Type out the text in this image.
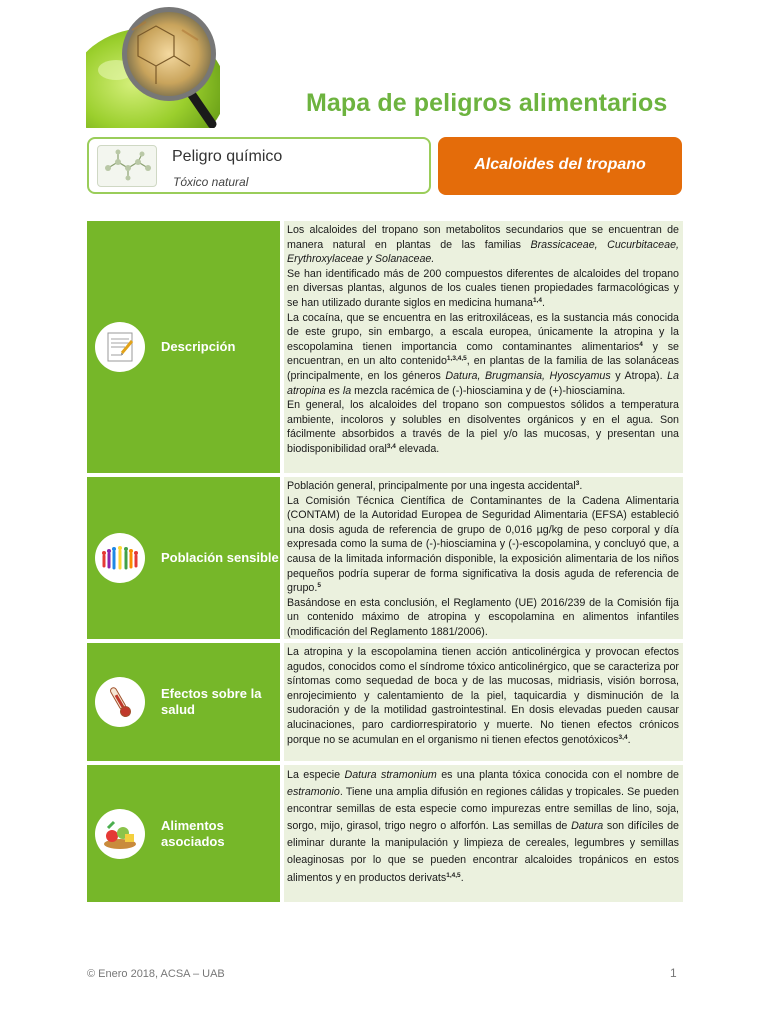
Mapa de peligros alimentarios
Peligro químico
Tóxico natural
Alcaloides del tropano
Descripción

Los alcaloides del tropano son metabolitos secundarios que se encuentran de manera natural en plantas de las familias Brassicaceae, Cucurbitaceae, Erythroxylaceae y Solanaceae.

Se han identificado más de 200 compuestos diferentes de alcaloides del tropano en diversas plantas, algunos de los cuales tienen propiedades farmacológicas y se han utilizado durante siglos en medicina humana$^{1,4}$.

La cocaína, que se encuentra en las eritroxiláceas, es la sustancia más conocida de este grupo, sin embargo, a escala europea, únicamente la atropina y la escopolamina tienen importancia como contaminantes alimentarios$^4$ y se encuentran, en un alto contenido$^{1,3,4,5}$, en plantas de la familia de las solanáceas (principalmente, en los géneros Datura, Brugmansia, Hyoscyamus y Atropa). La atropina es la mezcla racémica de (-)-hiosciamina y de (+)-hiosciamina.

En general, los alcaloides del tropano son compuestos sólidos a temperatura ambiente, incoloros y solubles en disolventes orgánicos y en el agua. Son fácilmente absorbidos a través de la piel y/o las mucosas, y presentan una biodisponibilidad oral$^{3,4}$ elevada.

Población sensible

Población general, principalmente por una ingesta accidental$^3$.

La Comisión Técnica Científica de Contaminantes de la Cadena Alimentaria (CONTAM) de la Autoridad Europea de Seguridad Alimentaria (EFSA) estableció una dosis aguda de referencia de grupo de 0,016 µg/kg de peso corporal y día expresada como la suma de (-)-hiosciamina y (-)-escopolamina, y concluyó que, a causa de la limitada información disponible, la exposición alimentaria de los niños pequeños podría superar de forma significativa la dosis aguda de referencia de grupo.$^5$

Basándose en esta conclusión, el Reglamento (UE) 2016/239 de la Comisión fija un contenido máximo de atropina y escopolamina en alimentos infantiles (modificación del Reglamento 1881/2006).

Efectos sobre la salud

La atropina y la escopolamina tienen acción anticolinérgica y provocan efectos agudos, conocidos como el síndrome tóxico anticolinérgico, que se caracteriza por síntomas como sequedad de boca y de las mucosas, midriasis, visión borrosa, enrojecimiento y calentamiento de la piel, taquicardia y disminución de la sudoración y de la motilidad gastrointestinal. En dosis elevadas pueden causar alucinaciones, paro cardiorrespiratorio y muerte. No tienen efectos crónicos porque no se acumulan en el organismo ni tienen efectos genotóxicos$^{3,4}$.

Alimentos asociados

La especie Datura stramonium es una planta tóxica conocida con el nombre de estramonio. Tiene una amplia difusión en regiones cálidas y tropicales. Se pueden encontrar semillas de esta especie como impurezas entre semillas de lino, soja, sorgo, mijo, girasol, trigo negro o alforfón. Las semillas de Datura son difíciles de eliminar durante la manipulación y limpieza de cereales, legumbres y semillas oleaginosas por lo que se pueden encontrar alcaloides tropánicos en estos alimentos y en productos derivats$^{1,4,5}$.

© Enero 2018, ACSA – UAB	1
